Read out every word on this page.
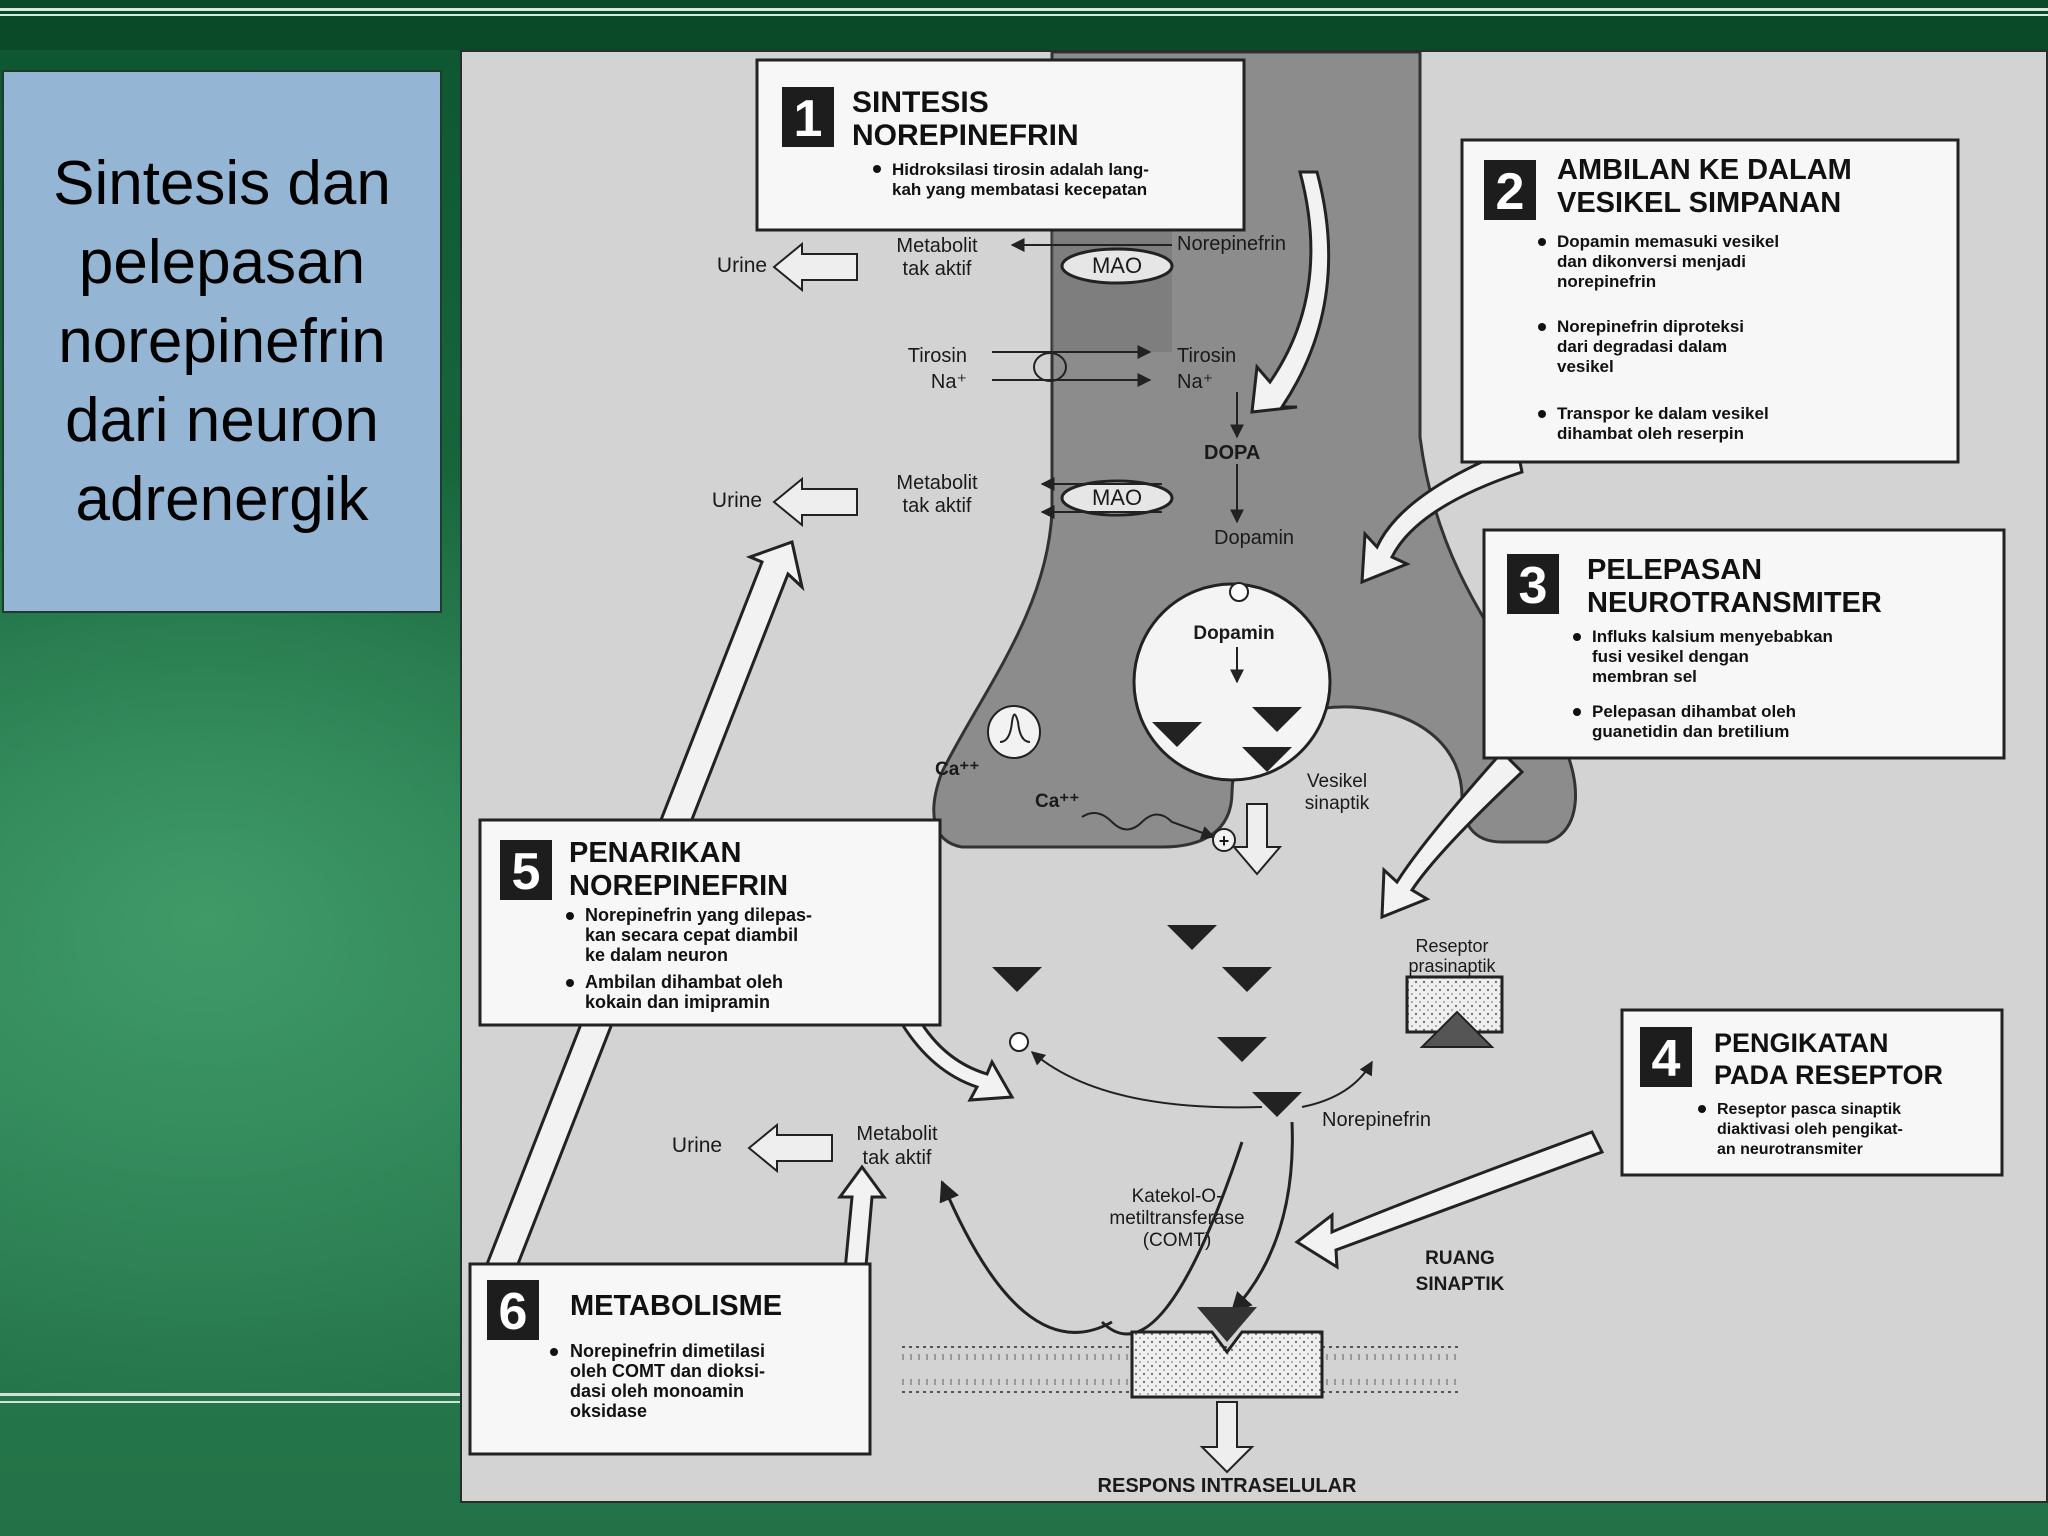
Sintesis dan
pelepasan
norepinefrin
dari neuron
adrenergik
MAO
MAO
Metabolit
tak aktif
Urine
Norepinefrin
Tirosin
Na⁺
Tirosin
Na⁺
DOPA
Dopamin
Metabolit
tak aktif
Urine
Dopamin
Vesikel
sinaptik
Ca⁺⁺
Ca⁺⁺
+
Reseptor
prasinaptik
Norepinefrin
Metabolit
tak aktif
Urine
Katekol-O-
metiltransferase
(COMT)
RUANG
SINAPTIK
RESPONS INTRASELULAR
1 SINTESIS
NOREPINEFRIN
Hidroksilasi tirosin adalah lang-
kah yang membatasi kecepatan	2 AMBILAN KE DALAM
VESIKEL SIMPANAN
Dopamin memasuki vesikel
dan dikonversi menjadi
norepinefrin
Norepinefrin diproteksi
dari degradasi dalam
vesikel
Transpor ke dalam vesikel
dihambat oleh reserpin
3 PELEPASAN
NEUROTRANSMITER
Influks kalsium menyebabkan
fusi vesikel dengan
membran sel
Pelepasan dihambat oleh
guanetidin dan bretilium
4 PENGIKATAN
PADA RESEPTOR
Reseptor pasca sinaptik
diaktivasi oleh pengikat-
an neurotransmiter
5 PENARIKAN
NOREPINEFRIN
Norepinefrin yang dilepas-
kan secara cepat diambil
ke dalam neuron
Ambilan dihambat oleh
kokain dan imipramin
6 METABOLISME
Norepinefrin dimetilasi
oleh COMT dan dioksi-
dasi oleh monoamin
oksidase
